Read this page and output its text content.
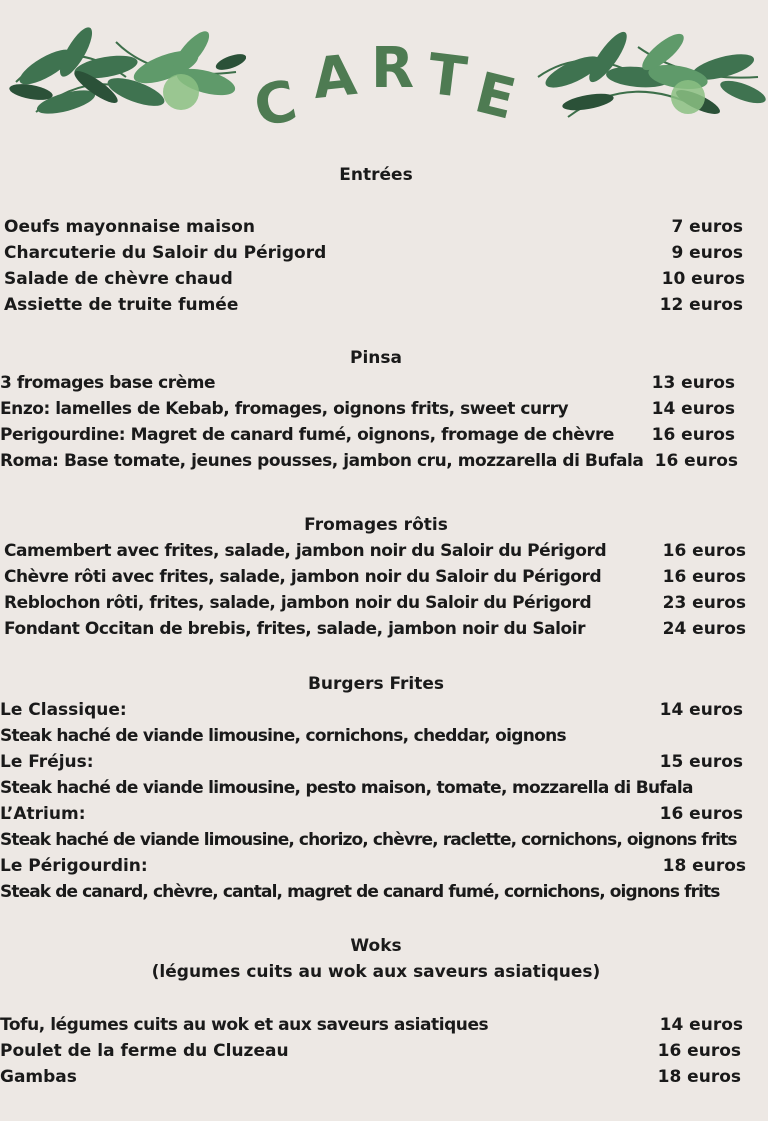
C A R T
E
Entrées
Oeufs mayonnaise maison	7 euros
Charcuterie du Saloir du Périgord	9 euros
Salade de chèvre chaud	10 euros
Assiette de truite fumée	12 euros
Pinsa
3 fromages base crème	13 euros
Enzo: lamelles de Kebab, fromages, oignons frits, sweet curry	14 euros
Perigourdine: Magret de canard fumé, oignons, fromage de chèvre 16 euros
Roma: Base tomate, jeunes pousses, jambon cru, mozzarella di Bufala 16 euros
Fromages rôtis
Camembert avec frites, salade, jambon noir du Saloir du Périgord	16 euros
Chèvre rôti avec frites, salade, jambon noir du Saloir du Périgord	16 euros
Reblochon rôti, frites, salade, jambon noir du Saloir du Périgord	23 euros
Fondant Occitan de brebis, frites, salade, jambon noir du Saloir	24 euros
Burgers Frites
Le Classique:	14 euros
Steak haché de viande limousine, cornichons, cheddar, oignons
Le Fréjus:	15 euros
Steak haché de viande limousine, pesto maison, tomate, mozzarella di Bufala
L’Atrium:	16 euros
Steak haché de viande limousine, chorizo, chèvre, raclette, cornichons, oignons frits
Le Périgourdin:	18 euros
Steak de canard, chèvre, cantal, magret de canard fumé, cornichons, oignons frits
Woks
(légumes cuits au wok aux saveurs asiatiques)
Tofu, légumes cuits au wok et aux saveurs asiatiques	14 euros
Poulet de la ferme du Cluzeau	16 euros
Gambas	18 euros
